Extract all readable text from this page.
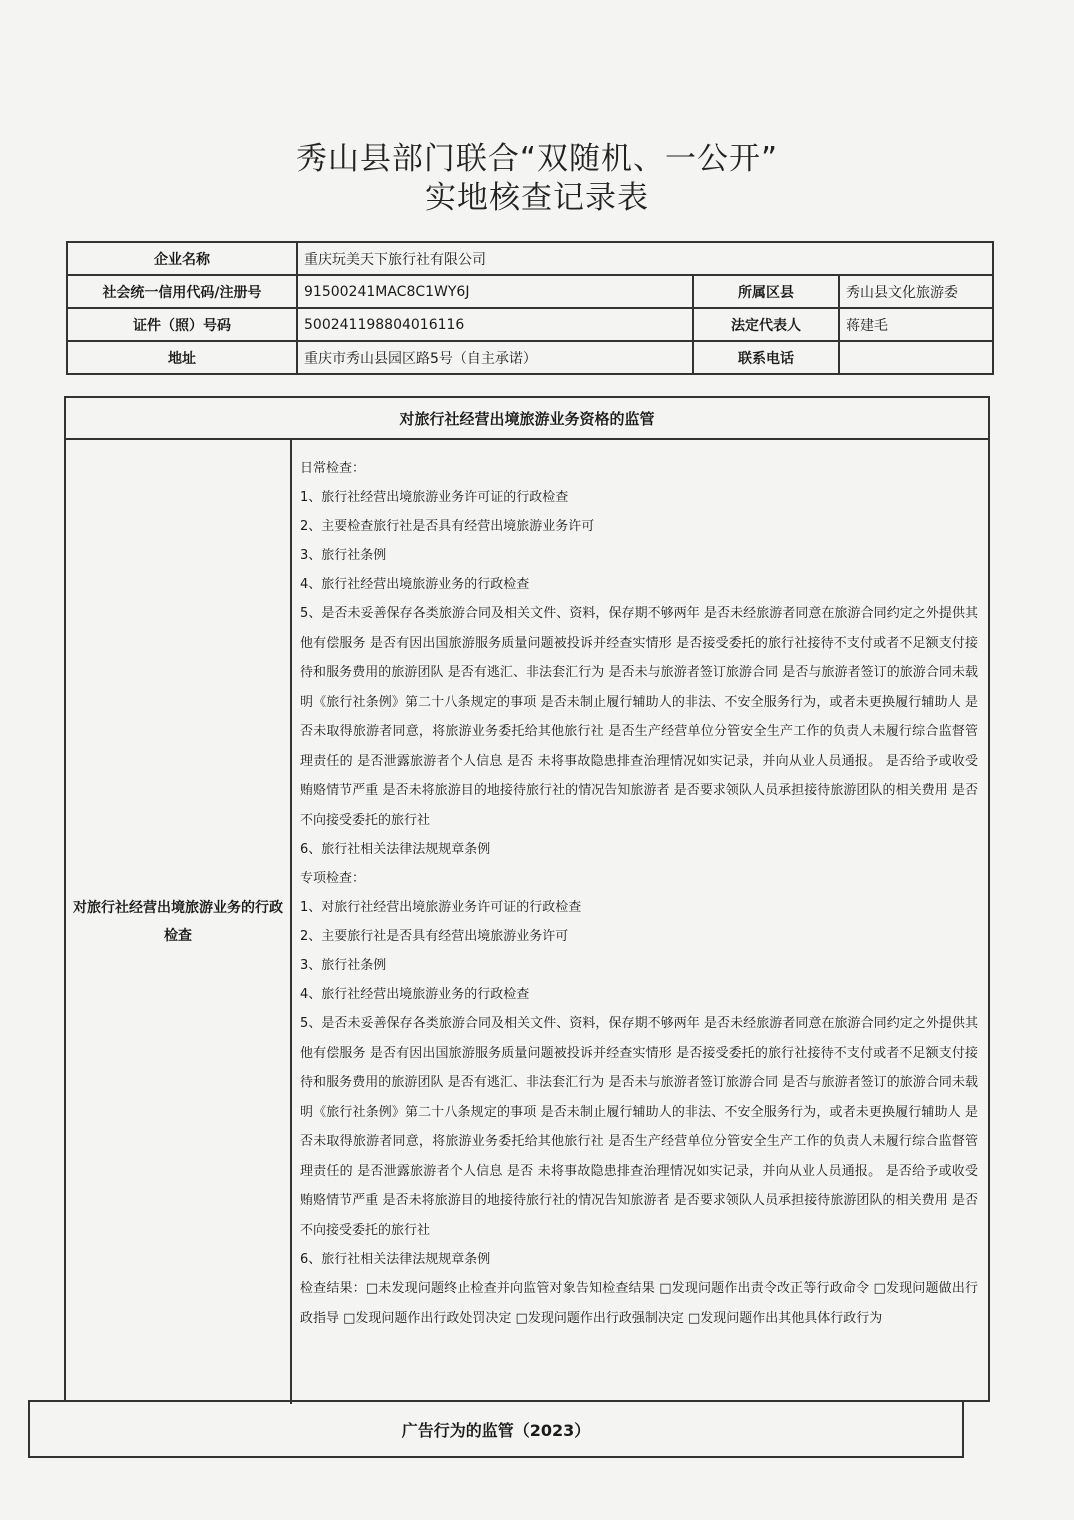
秀山县部门联合“双随机、一公开”
实地核查记录表
企业名称	重庆玩美天下旅行社有限公司		
社会统一信用代码/注册号	91500241MAC8C1WY6J	所属区县	秀山县文化旅游委
证件（照）号码	500241198804016116	法定代表人	蒋建毛
地址	重庆市秀山县园区路5号（自主承诺）	联系电话	
对旅行社经营出境旅游业务资格的监管
对旅行社经营出境旅游业务的行政检查
日常检查：
1、旅行社经营出境旅游业务许可证的行政检查
2、主要检查旅行社是否具有经营出境旅游业务许可
3、旅行社条例
4、旅行社经营出境旅游业务的行政检查
5、是否未妥善保存各类旅游合同及相关文件、资料，保存期不够两年 是否未经旅游者同意在旅游合同约定之外提供其他有偿服务 是否有因出国旅游服务质量问题被投诉并经查实情形 是否接受委托的旅行社接待不支付或者不足额支付接待和服务费用的旅游团队 是否有逃汇、非法套汇行为 是否未与旅游者签订旅游合同 是否与旅游者签订的旅游合同未载明《旅行社条例》第二十八条规定的事项 是否未制止履行辅助人的非法、不安全服务行为，或者未更换履行辅助人 是否未取得旅游者同意，将旅游业务委托给其他旅行社 是否生产经营单位分管安全生产工作的负责人未履行综合监督管理责任的 是否泄露旅游者个人信息 是否 未将事故隐患排查治理情况如实记录，并向从业人员通报。 是否给予或收受贿赂情节严重 是否未将旅游目的地接待旅行社的情况告知旅游者 是否要求领队人员承担接待旅游团队的相关费用 是否不向接受委托的旅行社
6、旅行社相关法律法规规章条例
专项检查：
1、对旅行社经营出境旅游业务许可证的行政检查
2、主要旅行社是否具有经营出境旅游业务许可
3、旅行社条例
4、旅行社经营出境旅游业务的行政检查
5、是否未妥善保存各类旅游合同及相关文件、资料，保存期不够两年 是否未经旅游者同意在旅游合同约定之外提供其他有偿服务 是否有因出国旅游服务质量问题被投诉并经查实情形 是否接受委托的旅行社接待不支付或者不足额支付接待和服务费用的旅游团队 是否有逃汇、非法套汇行为 是否未与旅游者签订旅游合同 是否与旅游者签订的旅游合同未载明《旅行社条例》第二十八条规定的事项 是否未制止履行辅助人的非法、不安全服务行为，或者未更换履行辅助人 是否未取得旅游者同意，将旅游业务委托给其他旅行社 是否生产经营单位分管安全生产工作的负责人未履行综合监督管理责任的 是否泄露旅游者个人信息 是否 未将事故隐患排查治理情况如实记录，并向从业人员通报。 是否给予或收受贿赂情节严重 是否未将旅游目的地接待旅行社的情况告知旅游者 是否要求领队人员承担接待旅游团队的相关费用 是否不向接受委托的旅行社
6、旅行社相关法律法规规章条例
检查结果：□未发现问题终止检查并向监管对象告知检查结果 □发现问题作出责令改正等行政命令 □发现问题做出行政指导 □发现问题作出行政处罚决定 □发现问题作出行政强制决定 □发现问题作出其他具体行政行为
广告行为的监管（2023）
